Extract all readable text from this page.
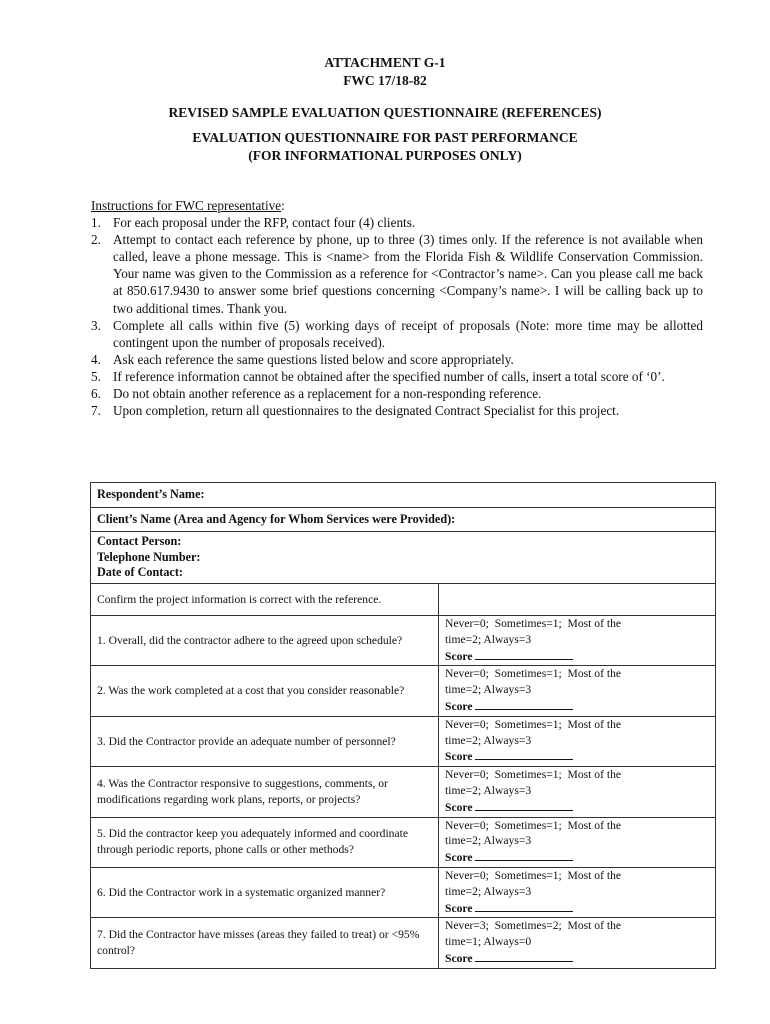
ATTACHMENT G-1
FWC 17/18-82
REVISED SAMPLE EVALUATION QUESTIONNAIRE (REFERENCES)
EVALUATION QUESTIONNAIRE FOR PAST PERFORMANCE
(FOR INFORMATIONAL PURPOSES ONLY)
Instructions for FWC representative:
1. For each proposal under the RFP, contact four (4) clients.
2. Attempt to contact each reference by phone, up to three (3) times only. If the reference is not available when called, leave a phone message. This is <name> from the Florida Fish & Wildlife Conservation Commission. Your name was given to the Commission as a reference for <Contractor’s name>. Can you please call me back at 850.617.9430 to answer some brief questions concerning <Company’s name>. I will be calling back up to two additional times. Thank you.
3. Complete all calls within five (5) working days of receipt of proposals (Note: more time may be allotted contingent upon the number of proposals received).
4. Ask each reference the same questions listed below and score appropriately.
5. If reference information cannot be obtained after the specified number of calls, insert a total score of ‘0’.
6. Do not obtain another reference as a replacement for a non-responding reference.
7. Upon completion, return all questionnaires to the designated Contract Specialist for this project.
Respondent’s Name:	
Client’s Name (Area and Agency for Whom Services were Provided):	

Contact Person:
Telephone Number:
Date of Contact:	

Confirm the project information is correct with the reference.	
1. Overall, did the contractor adhere to the agreed upon schedule?	Never=0;  Sometimes=1;  Most of the
time=2; Always=3
Score

2. Was the work completed at a cost that you consider reasonable?	Never=0;  Sometimes=1;  Most of the
time=2; Always=3
Score

3. Did the Contractor provide an adequate number of personnel?	Never=0;  Sometimes=1;  Most of the
time=2; Always=3
Score

4. Was the Contractor responsive to suggestions, comments, or modifications regarding work plans, reports, or projects?	Never=0;  Sometimes=1;  Most of the
time=2; Always=3
Score

5. Did the contractor keep you adequately informed and coordinate through periodic reports, phone calls or other methods?	Never=0;  Sometimes=1;  Most of the
time=2; Always=3
Score

6. Did the Contractor work in a systematic organized manner?	Never=0;  Sometimes=1;  Most of the
time=2; Always=3
Score

7. Did the Contractor have misses (areas they failed to treat) or <95% control?	Never=3;  Sometimes=2;  Most of the
time=1; Always=0
Score
